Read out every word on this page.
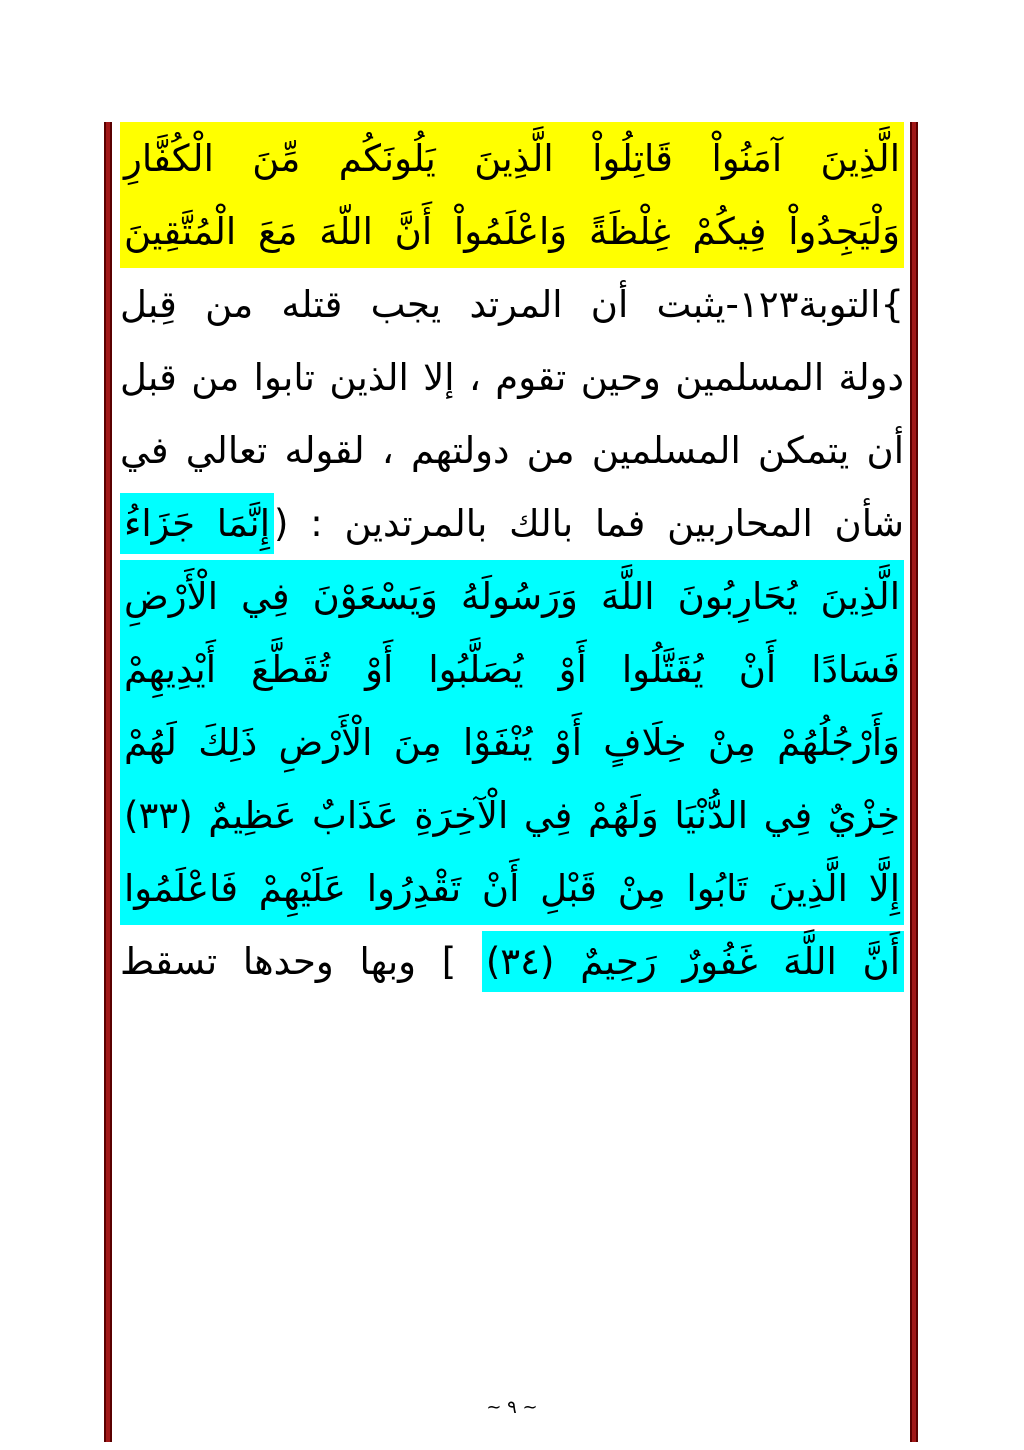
الَّذِينَ آمَنُواْ قَاتِلُواْ الَّذِينَ يَلُونَكُم مِّنَ الْكُفَّارِ

وَلْيَجِدُواْ فِيكُمْ غِلْظَةً وَاعْلَمُواْ أَنَّ اللّهَ مَعَ الْمُتَّقِينَ

}التوبة١٢٣-يثبت أن المرتد يجب قتله من قِبل

دولة المسلمين وحين تقوم ، إلا الذين تابوا من قبل

أن يتمكن المسلمين من دولتهم ، لقوله تعالي في

شأن المحاربين فما بالك بالمرتدين : (إِنَّمَا جَزَاءُ

الَّذِينَ يُحَارِبُونَ اللَّهَ وَرَسُولَهُ وَيَسْعَوْنَ فِي الْأَرْضِ

فَسَادًا أَنْ يُقَتَّلُوا أَوْ يُصَلَّبُوا أَوْ تُقَطَّعَ أَيْدِيهِمْ

وَأَرْجُلُهُمْ مِنْ خِلَافٍ أَوْ يُنْفَوْا مِنَ الْأَرْضِ ذَلِكَ لَهُمْ

خِزْيٌ فِي الدُّنْيَا وَلَهُمْ فِي الْآخِرَةِ عَذَابٌ عَظِيمٌ (٣٣)

إِلَّا الَّذِينَ تَابُوا مِنْ قَبْلِ أَنْ تَقْدِرُوا عَلَيْهِمْ فَاعْلَمُوا

أَنَّ اللَّهَ غَفُورٌ رَحِيمٌ (٣٤) ] وبها وحدها تسقط

~ ٩ ~
